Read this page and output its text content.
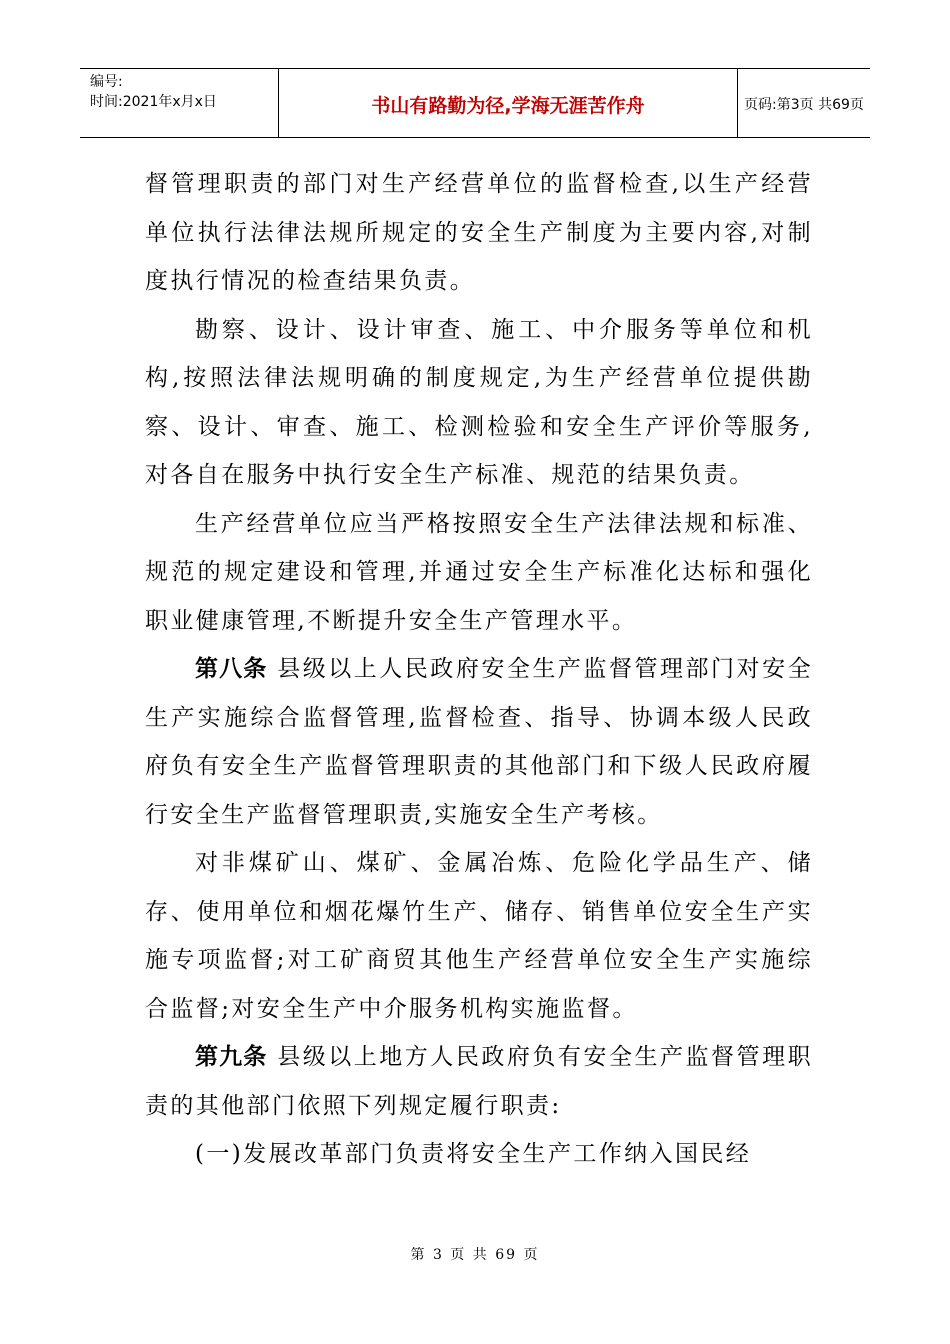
编号:
时间:2021年x月x日	书山有路勤为径,学海无涯苦作舟	页码:第3页 共69页

督管理职责的部门对生产经营单位的监督检查,以生产经营单位执行法律法规所规定的安全生产制度为主要内容,对制度执行情况的检查结果负责。

勘察、设计、设计审查、施工、中介服务等单位和机构,按照法律法规明确的制度规定,为生产经营单位提供勘察、设计、审查、施工、检测检验和安全生产评价等服务,对各自在服务中执行安全生产标准、规范的结果负责。

生产经营单位应当严格按照安全生产法律法规和标准、规范的规定建设和管理,并通过安全生产标准化达标和强化职业健康管理,不断提升安全生产管理水平。

第八条 县级以上人民政府安全生产监督管理部门对安全生产实施综合监督管理,监督检查、指导、协调本级人民政府负有安全生产监督管理职责的其他部门和下级人民政府履行安全生产监督管理职责,实施安全生产考核。

对非煤矿山、煤矿、金属冶炼、危险化学品生产、储存、使用单位和烟花爆竹生产、储存、销售单位安全生产实施专项监督;对工矿商贸其他生产经营单位安全生产实施综合监督;对安全生产中介服务机构实施监督。

第九条 县级以上地方人民政府负有安全生产监督管理职责的其他部门依照下列规定履行职责:

(一)发展改革部门负责将安全生产工作纳入国民经

第 3 页 共 69 页
